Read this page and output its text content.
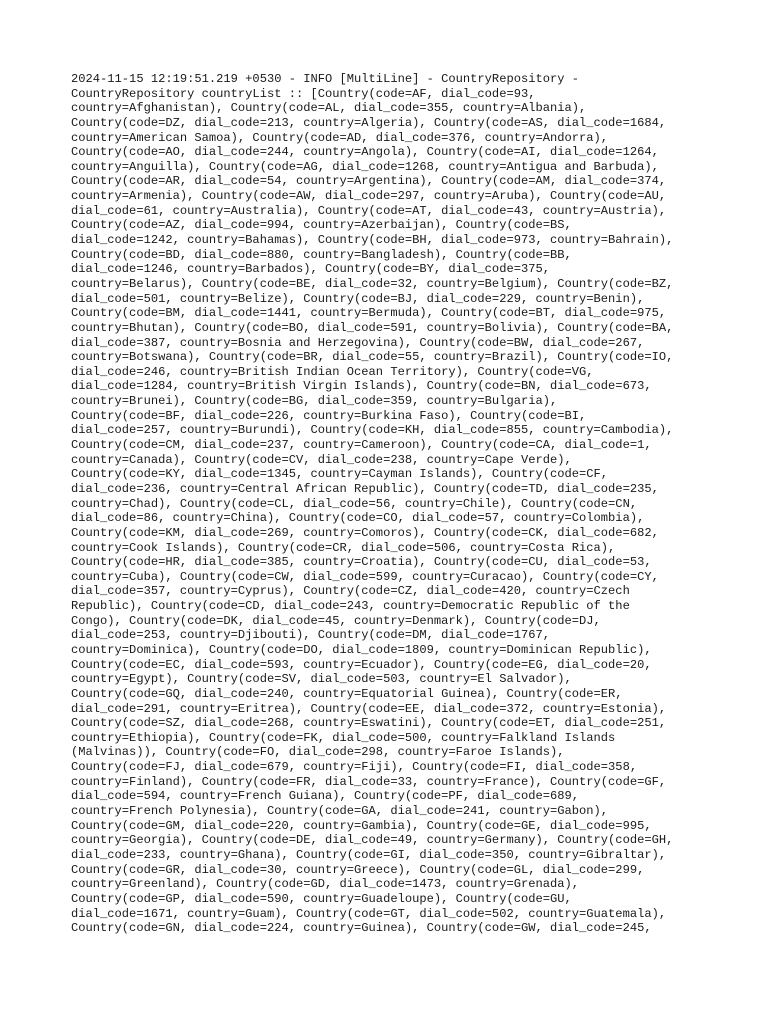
2024-11-15 12:19:51.219 +0530 - INFO [MultiLine] - CountryRepository -
CountryRepository countryList :: [Country(code=AF, dial_code=93,
country=Afghanistan), Country(code=AL, dial_code=355, country=Albania),
Country(code=DZ, dial_code=213, country=Algeria), Country(code=AS, dial_code=1684,
country=American Samoa), Country(code=AD, dial_code=376, country=Andorra),
Country(code=AO, dial_code=244, country=Angola), Country(code=AI, dial_code=1264,
country=Anguilla), Country(code=AG, dial_code=1268, country=Antigua and Barbuda),
Country(code=AR, dial_code=54, country=Argentina), Country(code=AM, dial_code=374,
country=Armenia), Country(code=AW, dial_code=297, country=Aruba), Country(code=AU,
dial_code=61, country=Australia), Country(code=AT, dial_code=43, country=Austria),
Country(code=AZ, dial_code=994, country=Azerbaijan), Country(code=BS,
dial_code=1242, country=Bahamas), Country(code=BH, dial_code=973, country=Bahrain),
Country(code=BD, dial_code=880, country=Bangladesh), Country(code=BB,
dial_code=1246, country=Barbados), Country(code=BY, dial_code=375,
country=Belarus), Country(code=BE, dial_code=32, country=Belgium), Country(code=BZ,
dial_code=501, country=Belize), Country(code=BJ, dial_code=229, country=Benin),
Country(code=BM, dial_code=1441, country=Bermuda), Country(code=BT, dial_code=975,
country=Bhutan), Country(code=BO, dial_code=591, country=Bolivia), Country(code=BA,
dial_code=387, country=Bosnia and Herzegovina), Country(code=BW, dial_code=267,
country=Botswana), Country(code=BR, dial_code=55, country=Brazil), Country(code=IO,
dial_code=246, country=British Indian Ocean Territory), Country(code=VG,
dial_code=1284, country=British Virgin Islands), Country(code=BN, dial_code=673,
country=Brunei), Country(code=BG, dial_code=359, country=Bulgaria),
Country(code=BF, dial_code=226, country=Burkina Faso), Country(code=BI,
dial_code=257, country=Burundi), Country(code=KH, dial_code=855, country=Cambodia),
Country(code=CM, dial_code=237, country=Cameroon), Country(code=CA, dial_code=1,
country=Canada), Country(code=CV, dial_code=238, country=Cape Verde),
Country(code=KY, dial_code=1345, country=Cayman Islands), Country(code=CF,
dial_code=236, country=Central African Republic), Country(code=TD, dial_code=235,
country=Chad), Country(code=CL, dial_code=56, country=Chile), Country(code=CN,
dial_code=86, country=China), Country(code=CO, dial_code=57, country=Colombia),
Country(code=KM, dial_code=269, country=Comoros), Country(code=CK, dial_code=682,
country=Cook Islands), Country(code=CR, dial_code=506, country=Costa Rica),
Country(code=HR, dial_code=385, country=Croatia), Country(code=CU, dial_code=53,
country=Cuba), Country(code=CW, dial_code=599, country=Curacao), Country(code=CY,
dial_code=357, country=Cyprus), Country(code=CZ, dial_code=420, country=Czech
Republic), Country(code=CD, dial_code=243, country=Democratic Republic of the
Congo), Country(code=DK, dial_code=45, country=Denmark), Country(code=DJ,
dial_code=253, country=Djibouti), Country(code=DM, dial_code=1767,
country=Dominica), Country(code=DO, dial_code=1809, country=Dominican Republic),
Country(code=EC, dial_code=593, country=Ecuador), Country(code=EG, dial_code=20,
country=Egypt), Country(code=SV, dial_code=503, country=El Salvador),
Country(code=GQ, dial_code=240, country=Equatorial Guinea), Country(code=ER,
dial_code=291, country=Eritrea), Country(code=EE, dial_code=372, country=Estonia),
Country(code=SZ, dial_code=268, country=Eswatini), Country(code=ET, dial_code=251,
country=Ethiopia), Country(code=FK, dial_code=500, country=Falkland Islands
(Malvinas)), Country(code=FO, dial_code=298, country=Faroe Islands),
Country(code=FJ, dial_code=679, country=Fiji), Country(code=FI, dial_code=358,
country=Finland), Country(code=FR, dial_code=33, country=France), Country(code=GF,
dial_code=594, country=French Guiana), Country(code=PF, dial_code=689,
country=French Polynesia), Country(code=GA, dial_code=241, country=Gabon),
Country(code=GM, dial_code=220, country=Gambia), Country(code=GE, dial_code=995,
country=Georgia), Country(code=DE, dial_code=49, country=Germany), Country(code=GH,
dial_code=233, country=Ghana), Country(code=GI, dial_code=350, country=Gibraltar),
Country(code=GR, dial_code=30, country=Greece), Country(code=GL, dial_code=299,
country=Greenland), Country(code=GD, dial_code=1473, country=Grenada),
Country(code=GP, dial_code=590, country=Guadeloupe), Country(code=GU,
dial_code=1671, country=Guam), Country(code=GT, dial_code=502, country=Guatemala),
Country(code=GN, dial_code=224, country=Guinea), Country(code=GW, dial_code=245,
